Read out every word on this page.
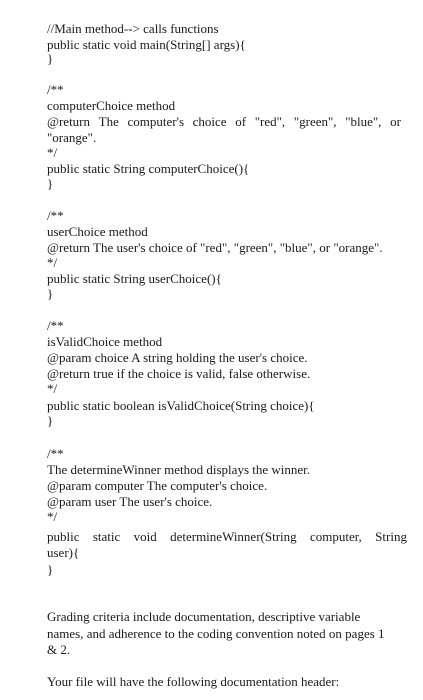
//Main method--> calls functions
public static void main(String[] args){
}
/**
computerChoice method
@return The computer's choice of "red", "green", "blue", or
"orange".
*/
public static String computerChoice(){
}
/**
userChoice method
@return The user's choice of "red", "green", "blue", or "orange".
*/
public static String userChoice(){
}
/**
isValidChoice method
@param choice A string holding the user's choice.
@return true if the choice is valid, false otherwise.
*/
public static boolean isValidChoice(String choice){
}
/**
The determineWinner method displays the winner.
@param computer The computer's choice.
@param user The user's choice.
*/
public static void determineWinner(String computer, String
user){
}
Grading criteria include documentation, descriptive variable
names, and adherence to the coding convention noted on pages 1
& 2.
Your file will have the following documentation header:
